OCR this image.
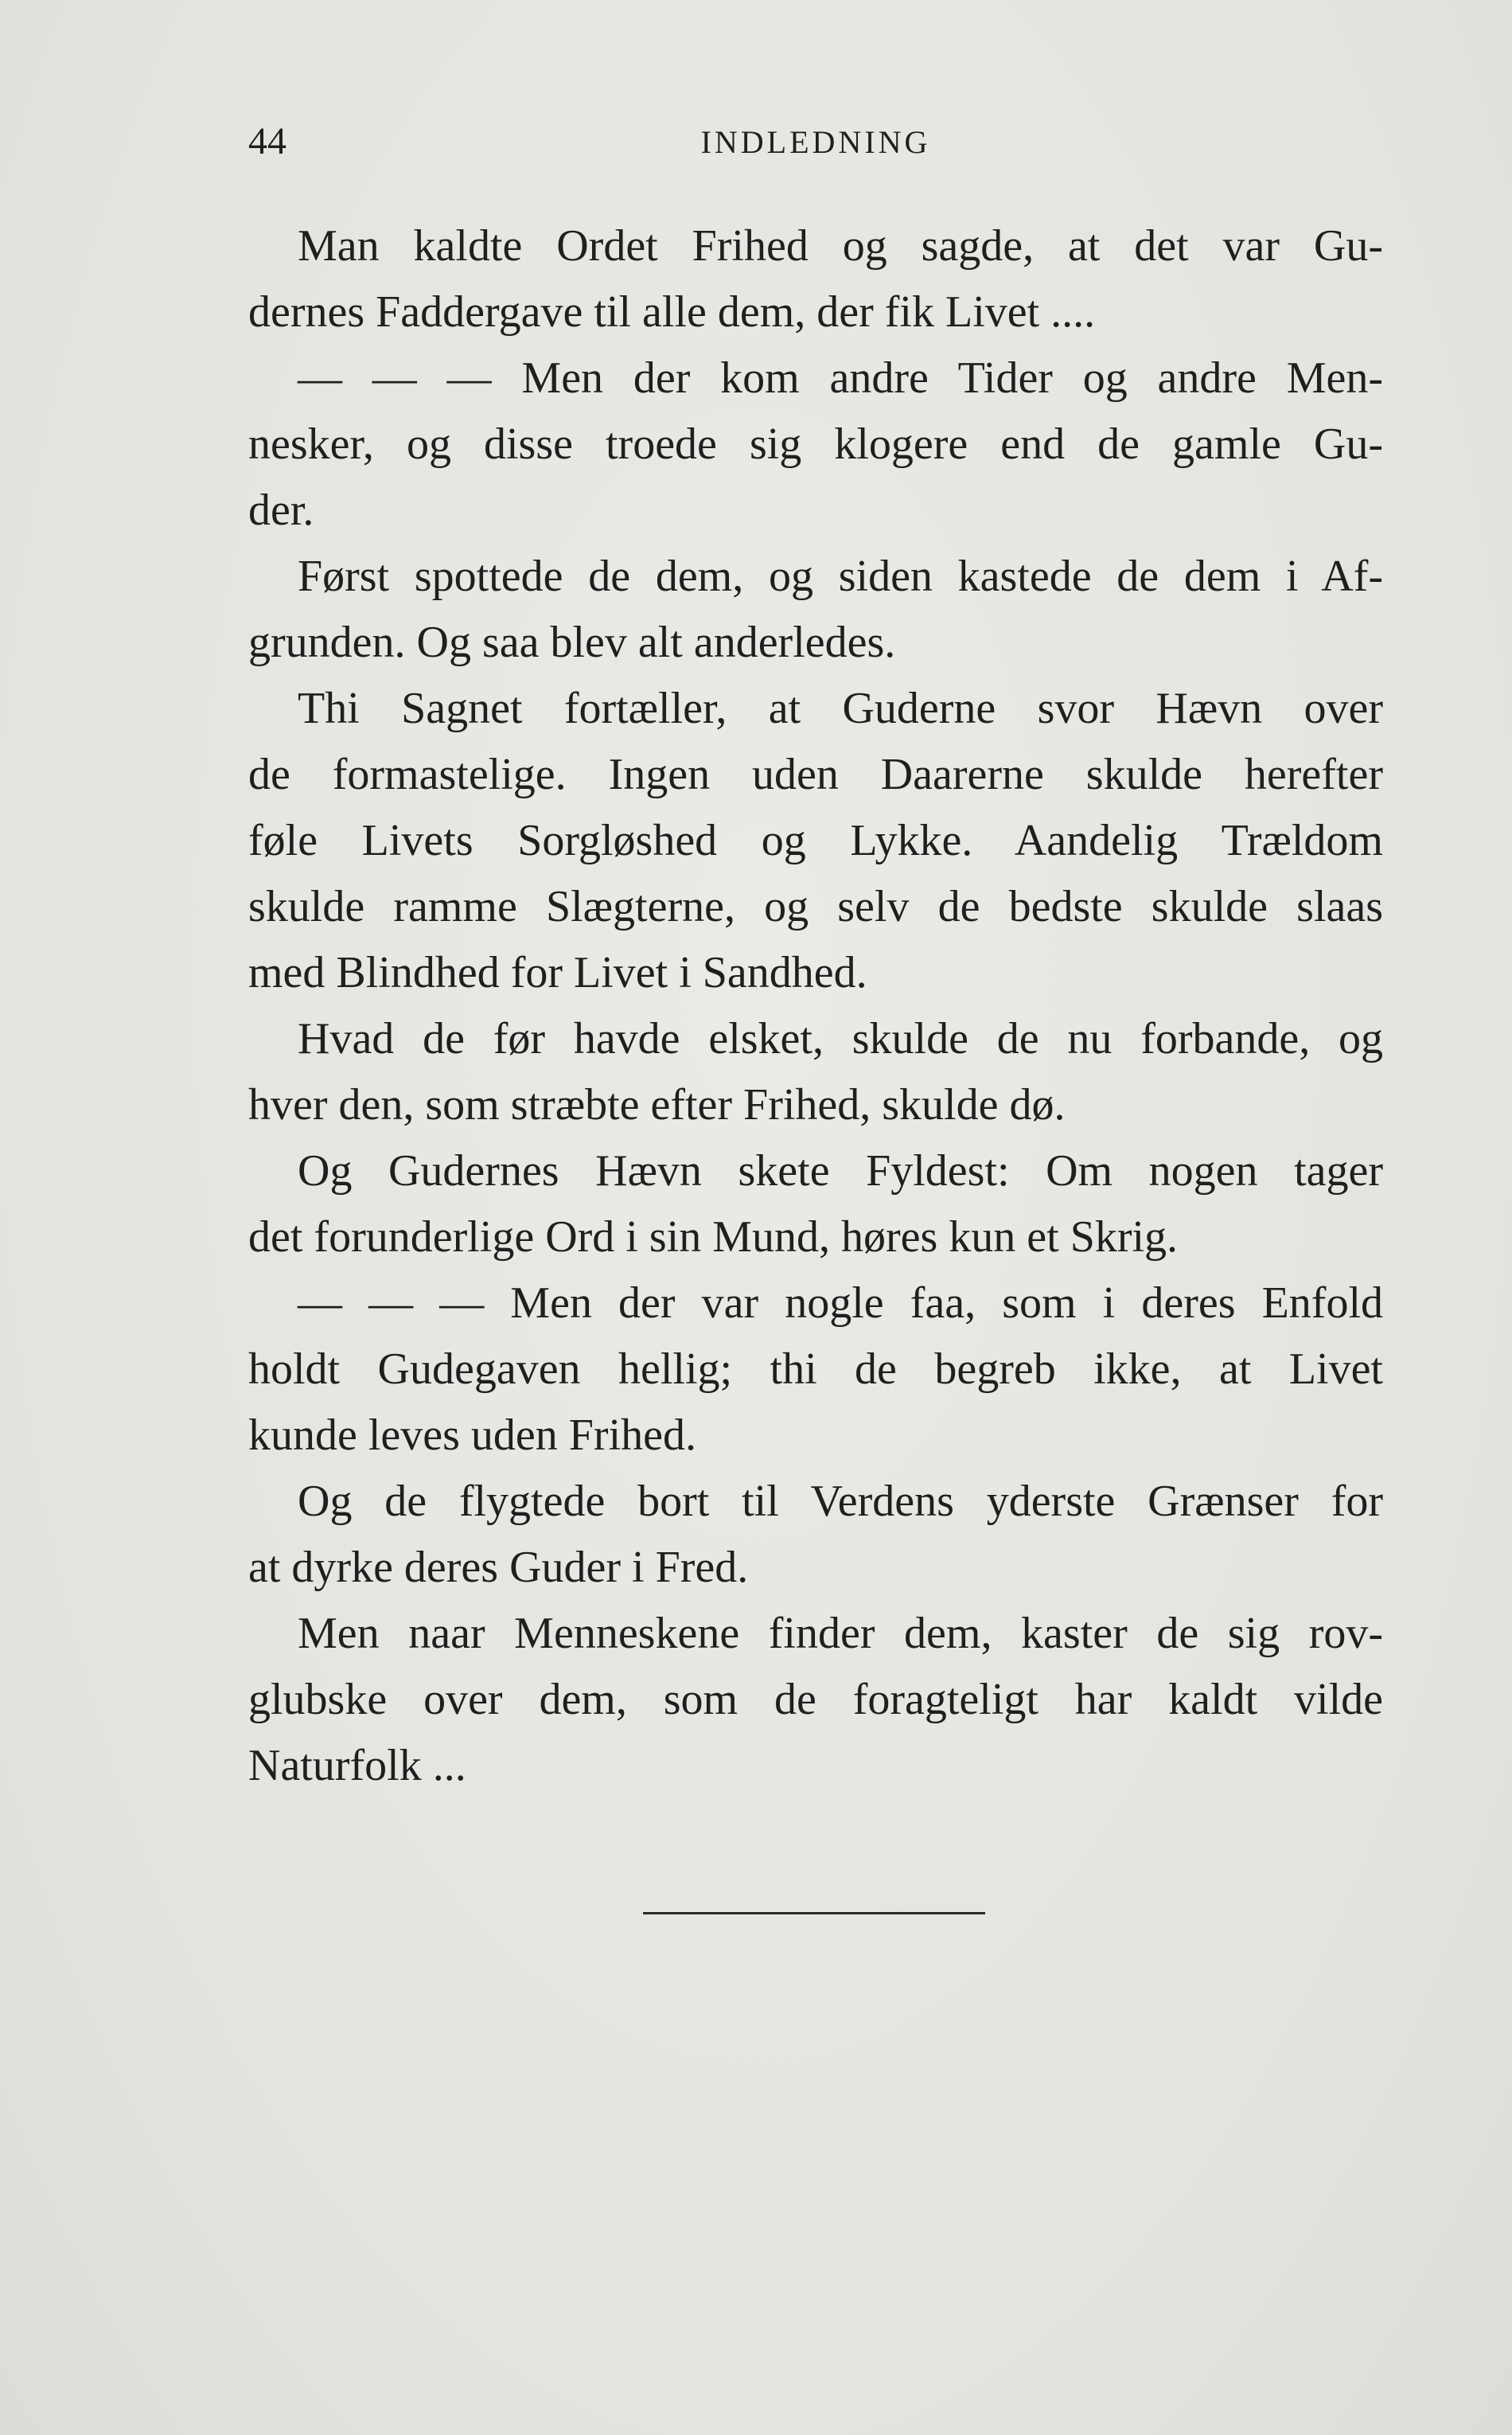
44	INDLEDNING
Man kaldte Ordet Frihed og sagde, at det var Gu-
dernes Faddergave til alle dem, der fik Livet ....
— — — Men der kom andre Tider og andre Men-
nesker, og disse troede sig klogere end de gamle Gu-
der.
Først spottede de dem, og siden kastede de dem i Af-
grunden. Og saa blev alt anderledes.
Thi Sagnet fortæller, at Guderne svor Hævn over
de formastelige. Ingen uden Daarerne skulde herefter
føle Livets Sorgløshed og Lykke. Aandelig Trældom
skulde ramme Slægterne, og selv de bedste skulde slaas
med Blindhed for Livet i Sandhed.
Hvad de før havde elsket, skulde de nu forbande, og
hver den, som stræbte efter Frihed, skulde dø.
Og Gudernes Hævn skete Fyldest: Om nogen tager
det forunderlige Ord i sin Mund, høres kun et Skrig.
— — — Men der var nogle faa, som i deres Enfold
holdt Gudegaven hellig; thi de begreb ikke, at Livet
kunde leves uden Frihed.
Og de flygtede bort til Verdens yderste Grænser for
at dyrke deres Guder i Fred.
Men naar Menneskene finder dem, kaster de sig rov-
glubske over dem, som de foragteligt har kaldt vilde
Naturfolk ...
